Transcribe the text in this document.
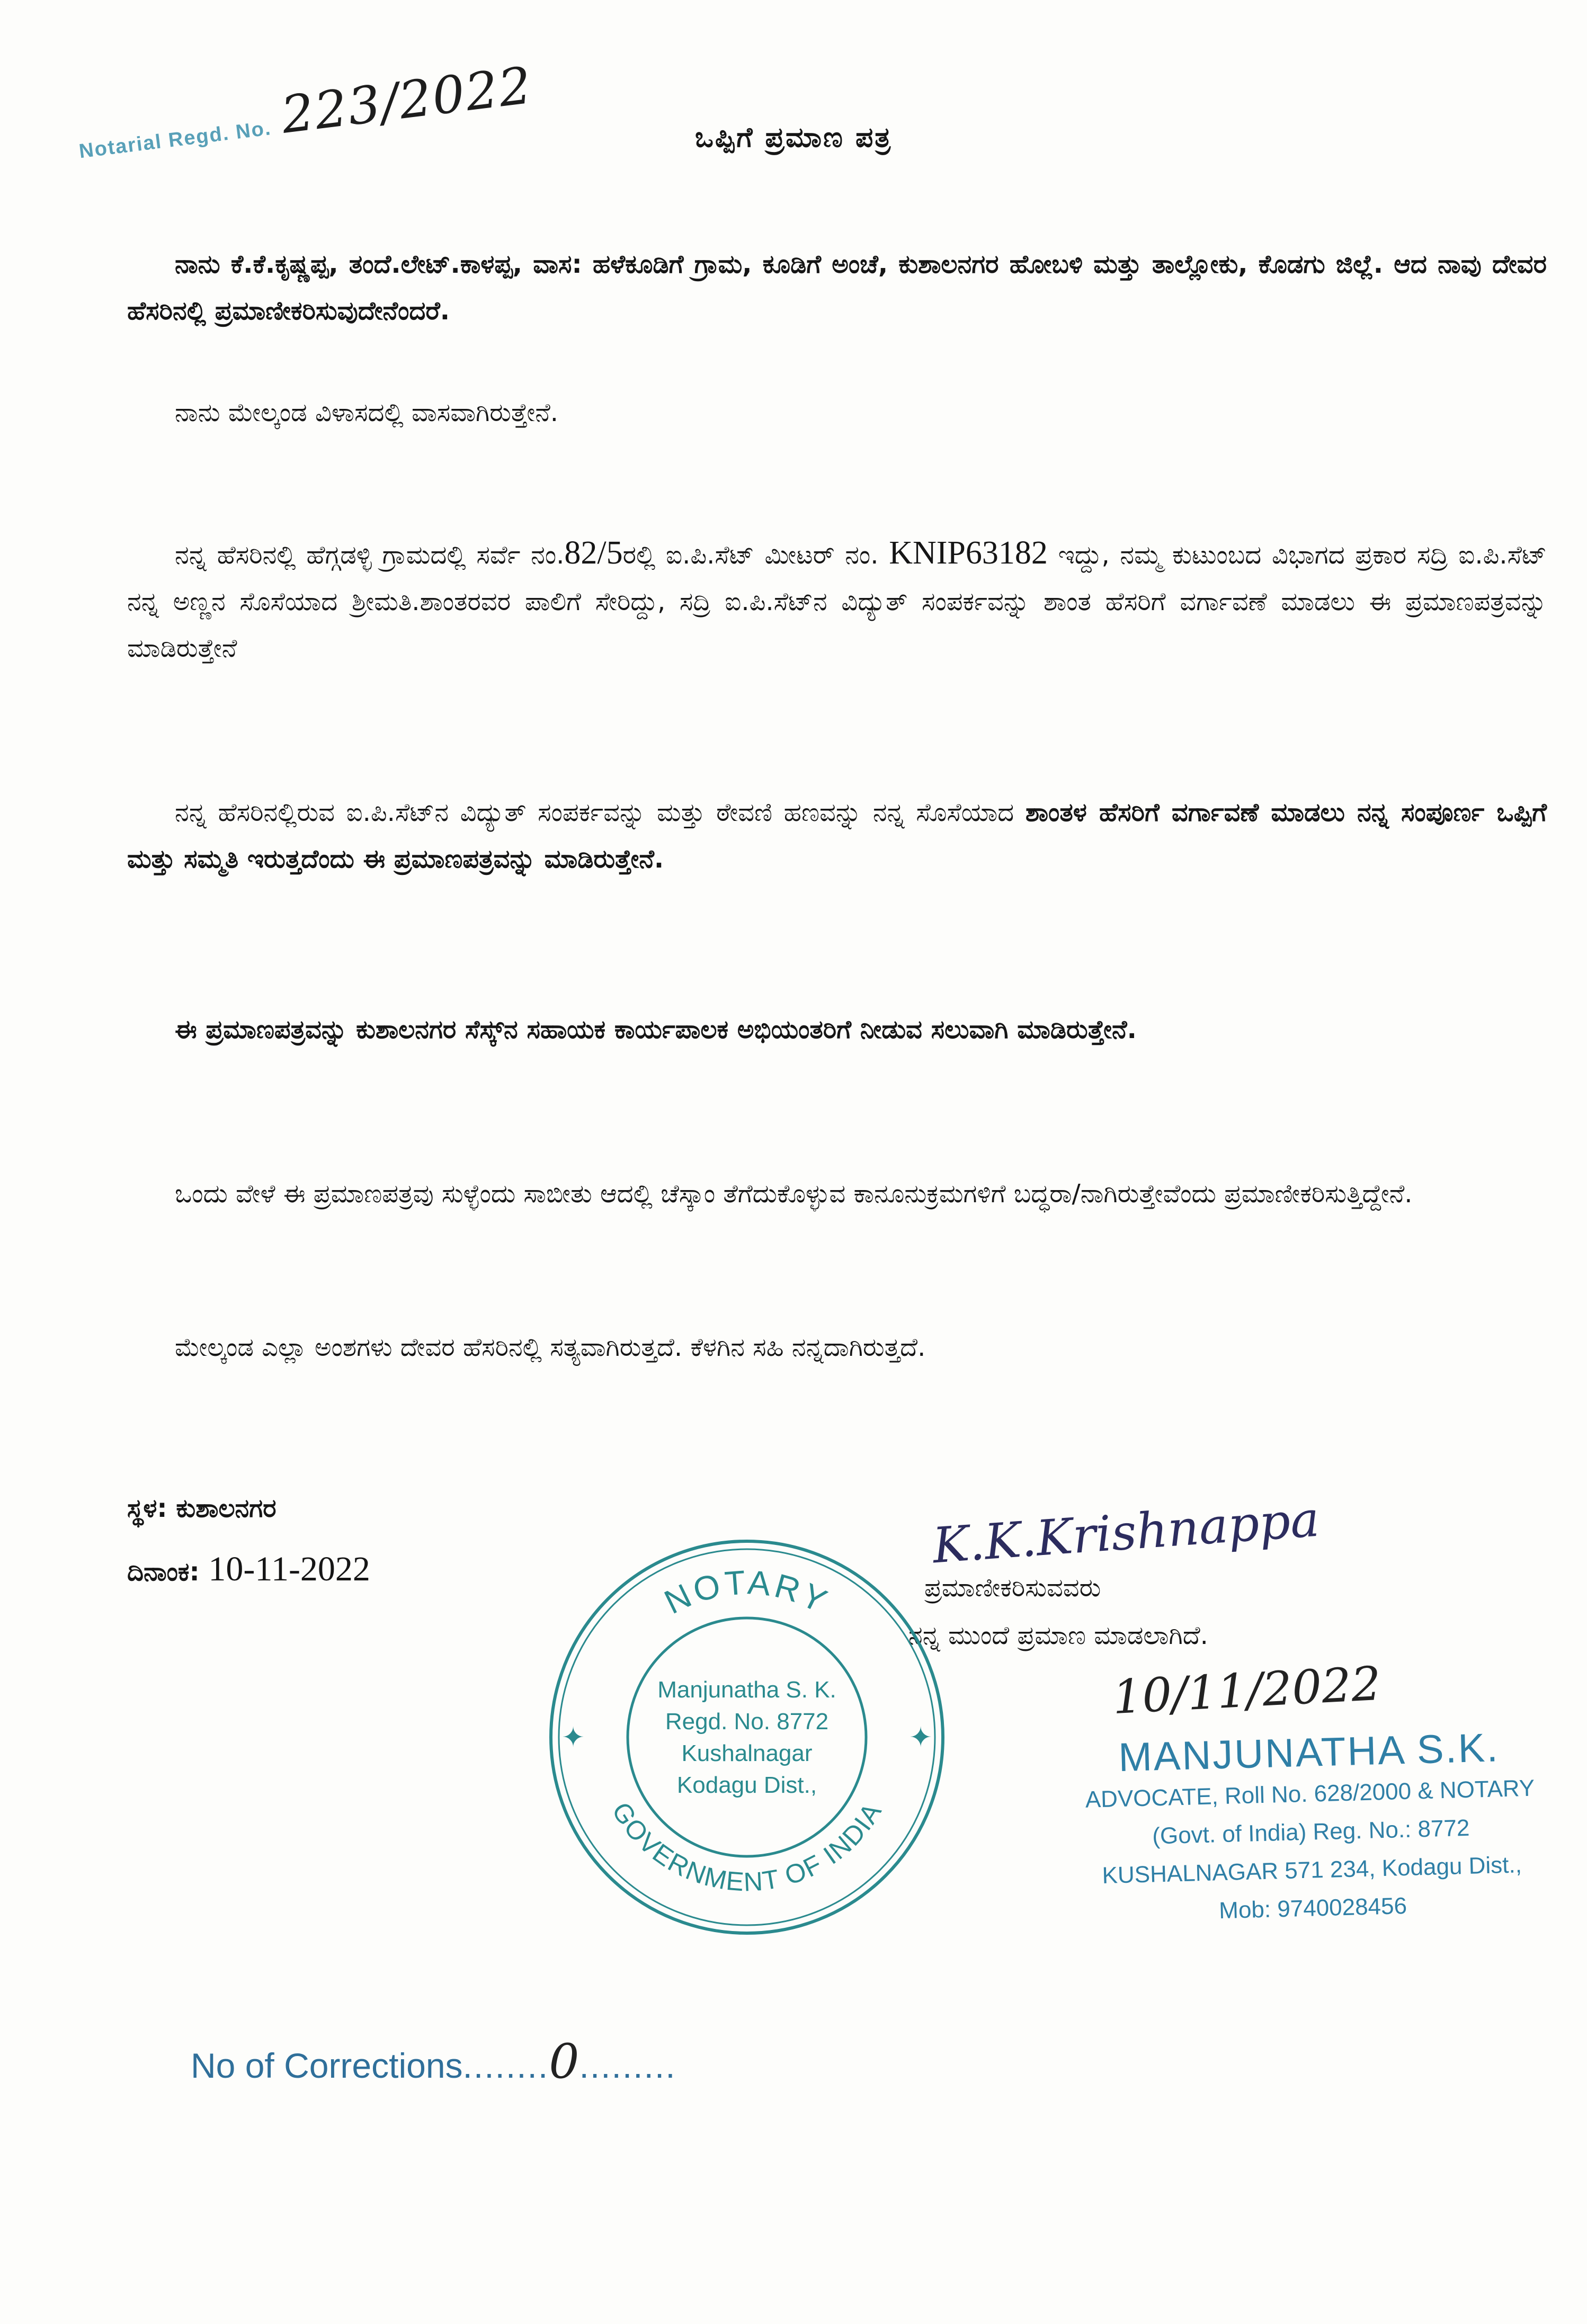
Notarial Regd. No. 223/2022	ಒಪ್ಪಿಗೆ ಪ್ರಮಾಣ ಪತ್ರ
ನಾನು ಕೆ.ಕೆ.ಕೃಷ್ಣಪ್ಪ, ತಂದೆ.ಲೇಟ್.ಕಾಳಪ್ಪ, ವಾಸ: ಹಳೆಕೂಡಿಗೆ ಗ್ರಾಮ, ಕೂಡಿಗೆ ಅಂಚೆ, ಕುಶಾಲನಗರ ಹೋಬಳಿ ಮತ್ತು ತಾಲ್ಲೋಕು, ಕೊಡಗು ಜಿಲ್ಲೆ. ಆದ ನಾವು ದೇವರ ಹೆಸರಿನಲ್ಲಿ ಪ್ರಮಾಣೀಕರಿಸುವುದೇನೆಂದರೆ.
ನಾನು ಮೇಲ್ಕಂಡ ವಿಳಾಸದಲ್ಲಿ ವಾಸವಾಗಿರುತ್ತೇನೆ.
ನನ್ನ ಹೆಸರಿನಲ್ಲಿ ಹೆಗ್ಗಡಳ್ಳಿ ಗ್ರಾಮದಲ್ಲಿ ಸರ್ವೆ ನಂ.82/5ರಲ್ಲಿ ಐ.ಪಿ.ಸೆಟ್ ಮೀಟರ್ ನಂ. KNIP63182 ಇದ್ದು, ನಮ್ಮ ಕುಟುಂಬದ ವಿಭಾಗದ ಪ್ರಕಾರ ಸದ್ರಿ ಐ.ಪಿ.ಸೆಟ್ ನನ್ನ ಅಣ್ಣನ ಸೊಸೆಯಾದ ಶ್ರೀಮತಿ.ಶಾಂತರವರ ಪಾಲಿಗೆ ಸೇರಿದ್ದು, ಸದ್ರಿ ಐ.ಪಿ.ಸೆಟ್‌ನ ವಿದ್ಯುತ್ ಸಂಪರ್ಕವನ್ನು ಶಾಂತ ಹೆಸರಿಗೆ ವರ್ಗಾವಣೆ ಮಾಡಲು ಈ ಪ್ರಮಾಣಪತ್ರವನ್ನು ಮಾಡಿರುತ್ತೇನೆ
ನನ್ನ ಹೆಸರಿನಲ್ಲಿರುವ ಐ.ಪಿ.ಸೆಟ್‌ನ ವಿದ್ಯುತ್ ಸಂಪರ್ಕವನ್ನು ಮತ್ತು ಠೇವಣಿ ಹಣವನ್ನು ನನ್ನ ಸೊಸೆಯಾದ ಶಾಂತಳ ಹೆಸರಿಗೆ ವರ್ಗಾವಣೆ ಮಾಡಲು ನನ್ನ ಸಂಪೂರ್ಣ ಒಪ್ಪಿಗೆ ಮತ್ತು ಸಮ್ಮತಿ ಇರುತ್ತದೆಂದು ಈ ಪ್ರಮಾಣಪತ್ರವನ್ನು ಮಾಡಿರುತ್ತೇನೆ.
ಈ ಪ್ರಮಾಣಪತ್ರವನ್ನು ಕುಶಾಲನಗರ ಸೆಸ್ಕ್‌ನ ಸಹಾಯಕ ಕಾರ್ಯಪಾಲಕ ಅಭಿಯಂತರಿಗೆ ನೀಡುವ ಸಲುವಾಗಿ ಮಾಡಿರುತ್ತೇನೆ.
ಒಂದು ವೇಳೆ ಈ ಪ್ರಮಾಣಪತ್ರವು ಸುಳ್ಳೆಂದು ಸಾಬೀತು ಆದಲ್ಲಿ ಚೆಸ್ಕಾಂ ತೆಗೆದುಕೊಳ್ಳುವ ಕಾನೂನುಕ್ರಮಗಳಿಗೆ ಬದ್ಧರಾ/ನಾಗಿರುತ್ತೇವೆಂದು ಪ್ರಮಾಣೀಕರಿಸುತ್ತಿದ್ದೇನೆ.
ಮೇಲ್ಕಂಡ ಎಲ್ಲಾ ಅಂಶಗಳು ದೇವರ ಹೆಸರಿನಲ್ಲಿ ಸತ್ಯವಾಗಿರುತ್ತದೆ. ಕೆಳಗಿನ ಸಹಿ ನನ್ನದಾಗಿರುತ್ತದೆ.
ಸ್ಥಳ: ಕುಶಾಲನಗರ
ದಿನಾಂಕ: 10-11-2022	K.K.Krishnappa
ಪ್ರಮಾಣೀಕರಿಸುವವರು
ನನ್ನ ಮುಂದೆ ಪ್ರಮಾಣ ಮಾಡಲಾಗಿದೆ.
NOTARY
GOVERNMENT OF INDIA
Manjunatha S. K.
Regd. No. 8772
Kushalnagar
Kodagu Dist.,
✦	✦
10/11/2022
MANJUNATHA S.K.
ADVOCATE, Roll No. 628/2000 & NOTARY
(Govt. of India) Reg. No.: 8772
KUSHALNAGAR 571 234, Kodagu Dist.,
Mob: 9740028456
No of Corrections........0.........
